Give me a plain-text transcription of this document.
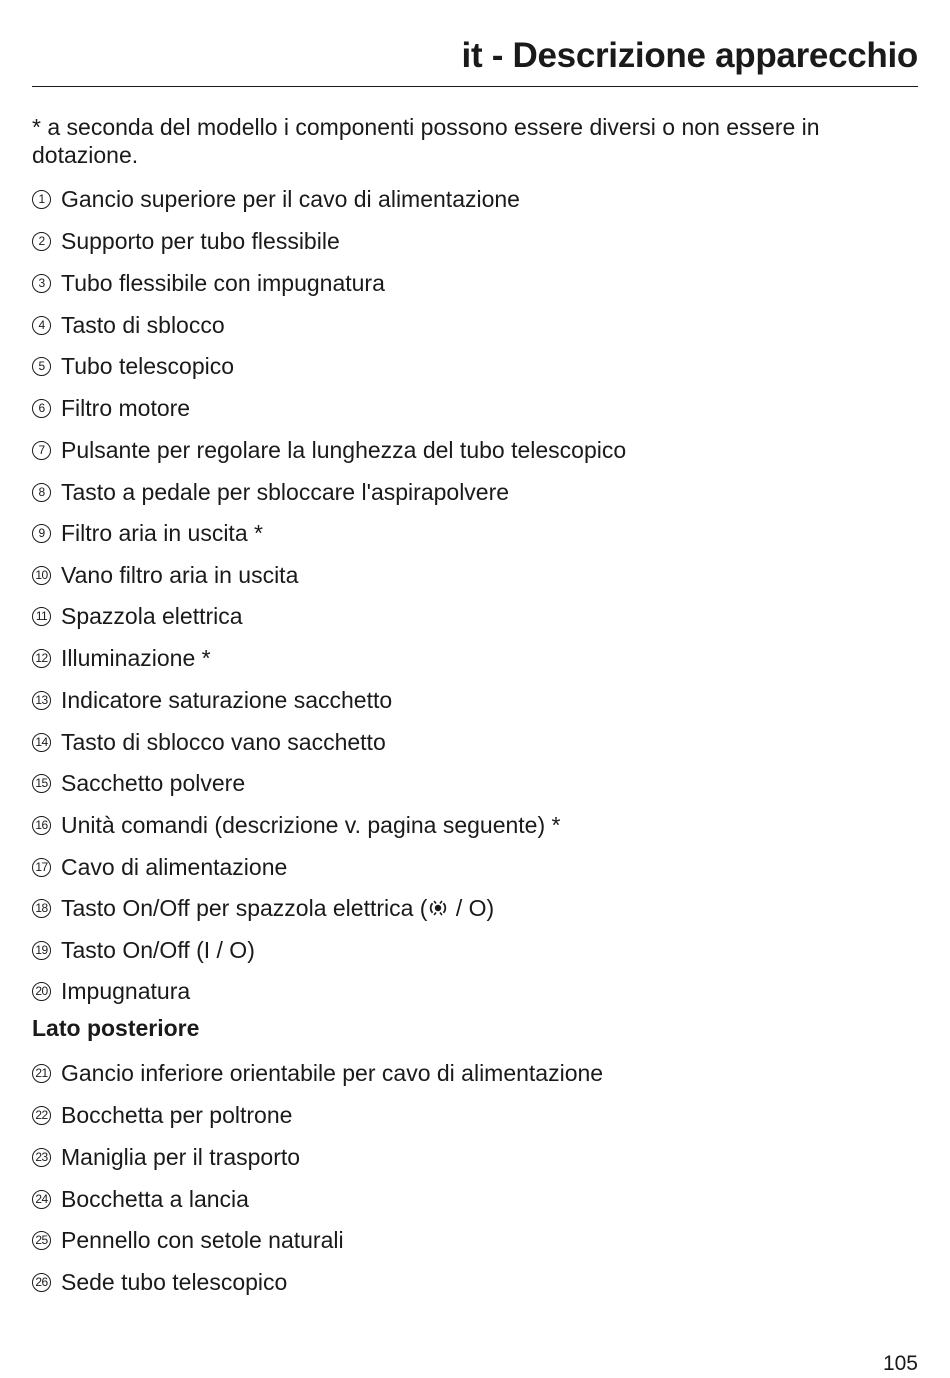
it - Descrizione apparecchio

* a seconda del modello i componenti possono essere diversi o non essere in dotazione.

1 Gancio superiore per il cavo di alimentazione
2 Supporto per tubo flessibile
3 Tubo flessibile con impugnatura
4 Tasto di sblocco
5 Tubo telescopico
6 Filtro motore
7 Pulsante per regolare la lunghezza del tubo telescopico
8 Tasto a pedale per sbloccare l'aspirapolvere
9 Filtro aria in uscita *
10 Vano filtro aria in uscita
11 Spazzola elettrica
12 Illuminazione *
13 Indicatore saturazione sacchetto
14 Tasto di sblocco vano sacchetto
15 Sacchetto polvere
16 Unità comandi (descrizione v. pagina seguente) *
17 Cavo di alimentazione
18 Tasto On/Off per spazzola elettrica ( / O)
19 Tasto On/Off (I / O)
20 Impugnatura
Lato posteriore
21 Gancio inferiore orientabile per cavo di alimentazione
22 Bocchetta per poltrone
23 Maniglia per il trasporto
24 Bocchetta a lancia
25 Pennello con setole naturali
26 Sede tubo telescopico
105
